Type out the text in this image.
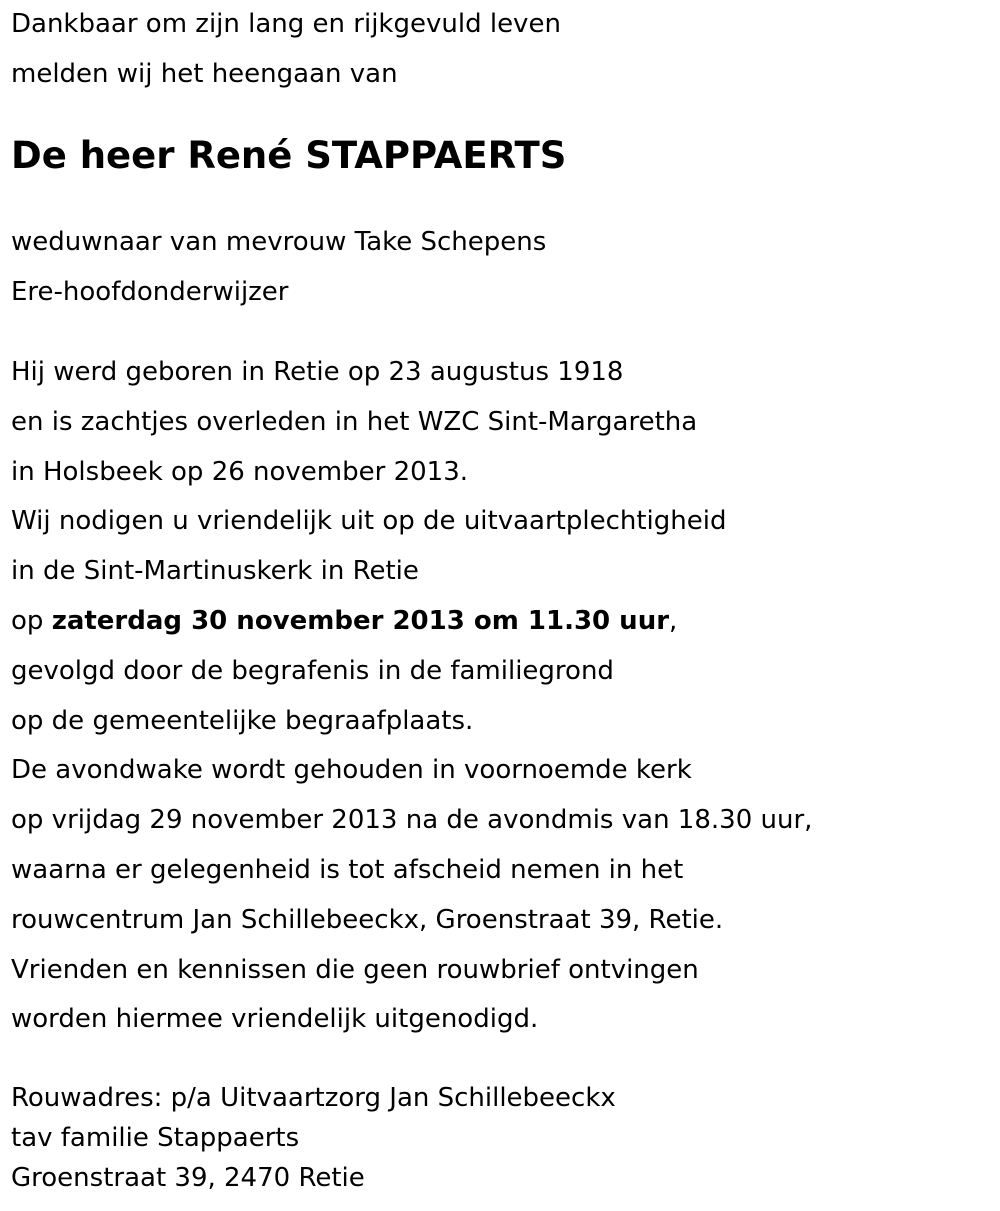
Dankbaar om zijn lang en rijkgevuld leven
melden wij het heengaan van
De heer René STAPPAERTS
weduwnaar van mevrouw Take Schepens
Ere-hoofdonderwijzer
Hij werd geboren in Retie op 23 augustus 1918
en is zachtjes overleden in het WZC Sint-Margaretha
in Holsbeek op 26 november 2013.
Wij nodigen u vriendelijk uit op de uitvaartplechtigheid
in de Sint-Martinuskerk in Retie
op zaterdag 30 november 2013 om 11.30 uur,
gevolgd door de begrafenis in de familiegrond
op de gemeentelijke begraafplaats.
De avondwake wordt gehouden in voornoemde kerk
op vrijdag 29 november 2013 na de avondmis van 18.30 uur,
waarna er gelegenheid is tot afscheid nemen in het
rouwcentrum Jan Schillebeeckx, Groenstraat 39, Retie.
Vrienden en kennissen die geen rouwbrief ontvingen
worden hiermee vriendelijk uitgenodigd.
Rouwadres: p/a Uitvaartzorg Jan Schillebeeckx
tav familie Stappaerts
Groenstraat 39, 2470 Retie
